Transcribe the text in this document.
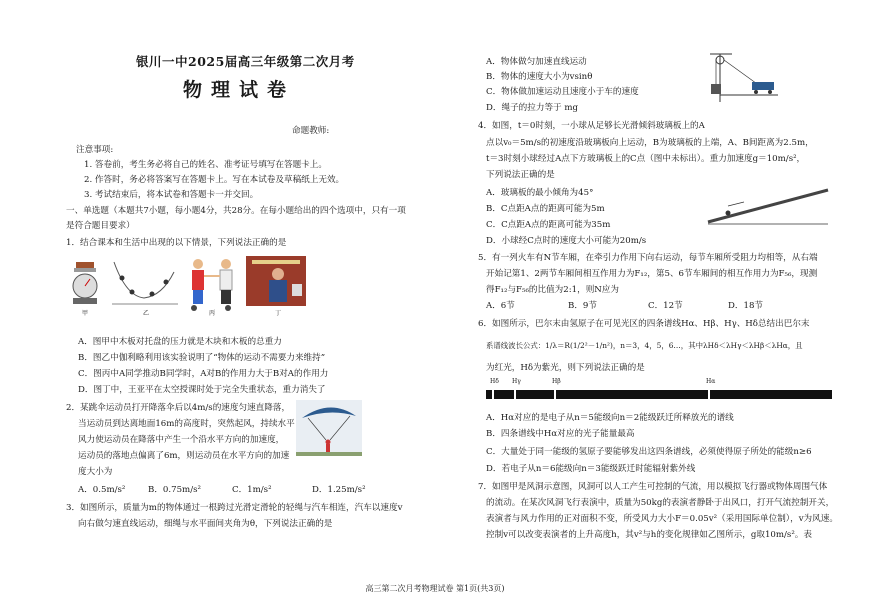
银川一中2025届高三年级第二次月考
物理试卷
命题教师:
注意事项:
1. 答卷前，考生务必将自己的姓名、准考证号填写在答题卡上。
2. 作答时，务必将答案写在答题卡上。写在本试卷及草稿纸上无效。
3. 考试结束后，将本试卷和答题卡一并交回。
一、单选题（本题共7小题，每小题4分，共28分。在每小题给出的四个选项中，只有一项
是符合题目要求）
1．结合课本和生活中出现的以下情景，下列说法正确的是
甲	乙	丙	丁
A．图甲中木板对托盘的压力就是木块和木板的总重力
B．图乙中伽利略利用该实验说明了“物体的运动不需要力来维持”
C．图丙中A同学推动B同学时，A对B的作用力大于B对A的作用力
D．图丁中，王亚平在太空授课时处于完全失重状态，重力消失了
2．某跳伞运动员打开降落伞后以4m/s的速度匀速直降落，
当运动员到达离地面16m的高度时，突然起风，持续水平
风力使运动员在降落中产生一个沿水平方向的加速度，
运动员的落地点偏离了6m，则运动员在水平方向的加速
度大小为
A．0.5m/s²	B．0.75m/s²	C．1m/s²	D．1.25m/s²
3．如图所示，质量为m的物体通过一根跨过光滑定滑轮的轻绳与汽车相连，汽车以速度v
向右做匀速直线运动，细绳与水平面间夹角为θ，下列说法正确的是
A．物体做匀加速直线运动
B．物体的速度大小为vsinθ
C．物体做加速运动且速度小于车的速度
D．绳子的拉力等于 mg
4．如图，t＝0时刻，一小球从足够长光滑倾斜玻璃板上的A
点以v₀＝5m/s的初速度沿玻璃板向上运动，B为玻璃板的上端，A、B间距离为2.5m，
t＝3时刻小球经过A点下方玻璃板上的C点（图中未标出）。重力加速度g＝10m/s²，
下列说法正确的是
A．玻璃板的最小倾角为45°
B．C点距A点的距离可能为5m
C．C点距A点的距离可能为35m
D．小球经C点时的速度大小可能为20m/s
5．有一列火车有N节车厢，在牵引力作用下向右运动，每节车厢所受阻力均相等，从右端
开始记第1、2两节车厢间相互作用力为F₁₂，第5、6节车厢间的相互作用力为F₅₆，现测
得F₁₂与F₅₆的比值为2:1，则N应为
A．6节	B．9节	C．12节	D．18节
6．如图所示，巴尔末由氢原子在可见光区的四条谱线Hα、Hβ、Hγ、Hδ总结出巴尔末
系谱线波长公式：1/λ＝R(1/2²－1/n²)，n＝3，4，5，6…，其中λHδ＜λHγ＜λHβ＜λHα，且
为红光，Hδ为紫光，则下列说法正确的是
Hδ Hγ	Hβ	Hα
A．Hα对应的是电子从n＝5能级向n＝2能级跃迁所释放光的谱线
B．四条谱线中Hα对应的光子能量最高
C．大量处于同一能级的氢原子要能够发出这四条谱线，必须使得原子所处的能级n≥6
D．若电子从n＝6能级向n＝3能级跃迁时能辐射紫外线
7．如图甲是风洞示意图，风洞可以人工产生可控制的气流，用以模拟飞行器或物体周围气体
的流动。在某次风洞飞行表演中，质量为50kg的表演者静卧于出风口，打开气流控制开关，
表演者与风力作用的正对面积不变，所受风力大小F＝0.05v²（采用国际单位制），v为风速。
控制v可以改变表演者的上升高度h，其v²与h的变化规律如乙图所示，g取10m/s²。表
高三第二次月考物理试卷 第1页(共3页)
